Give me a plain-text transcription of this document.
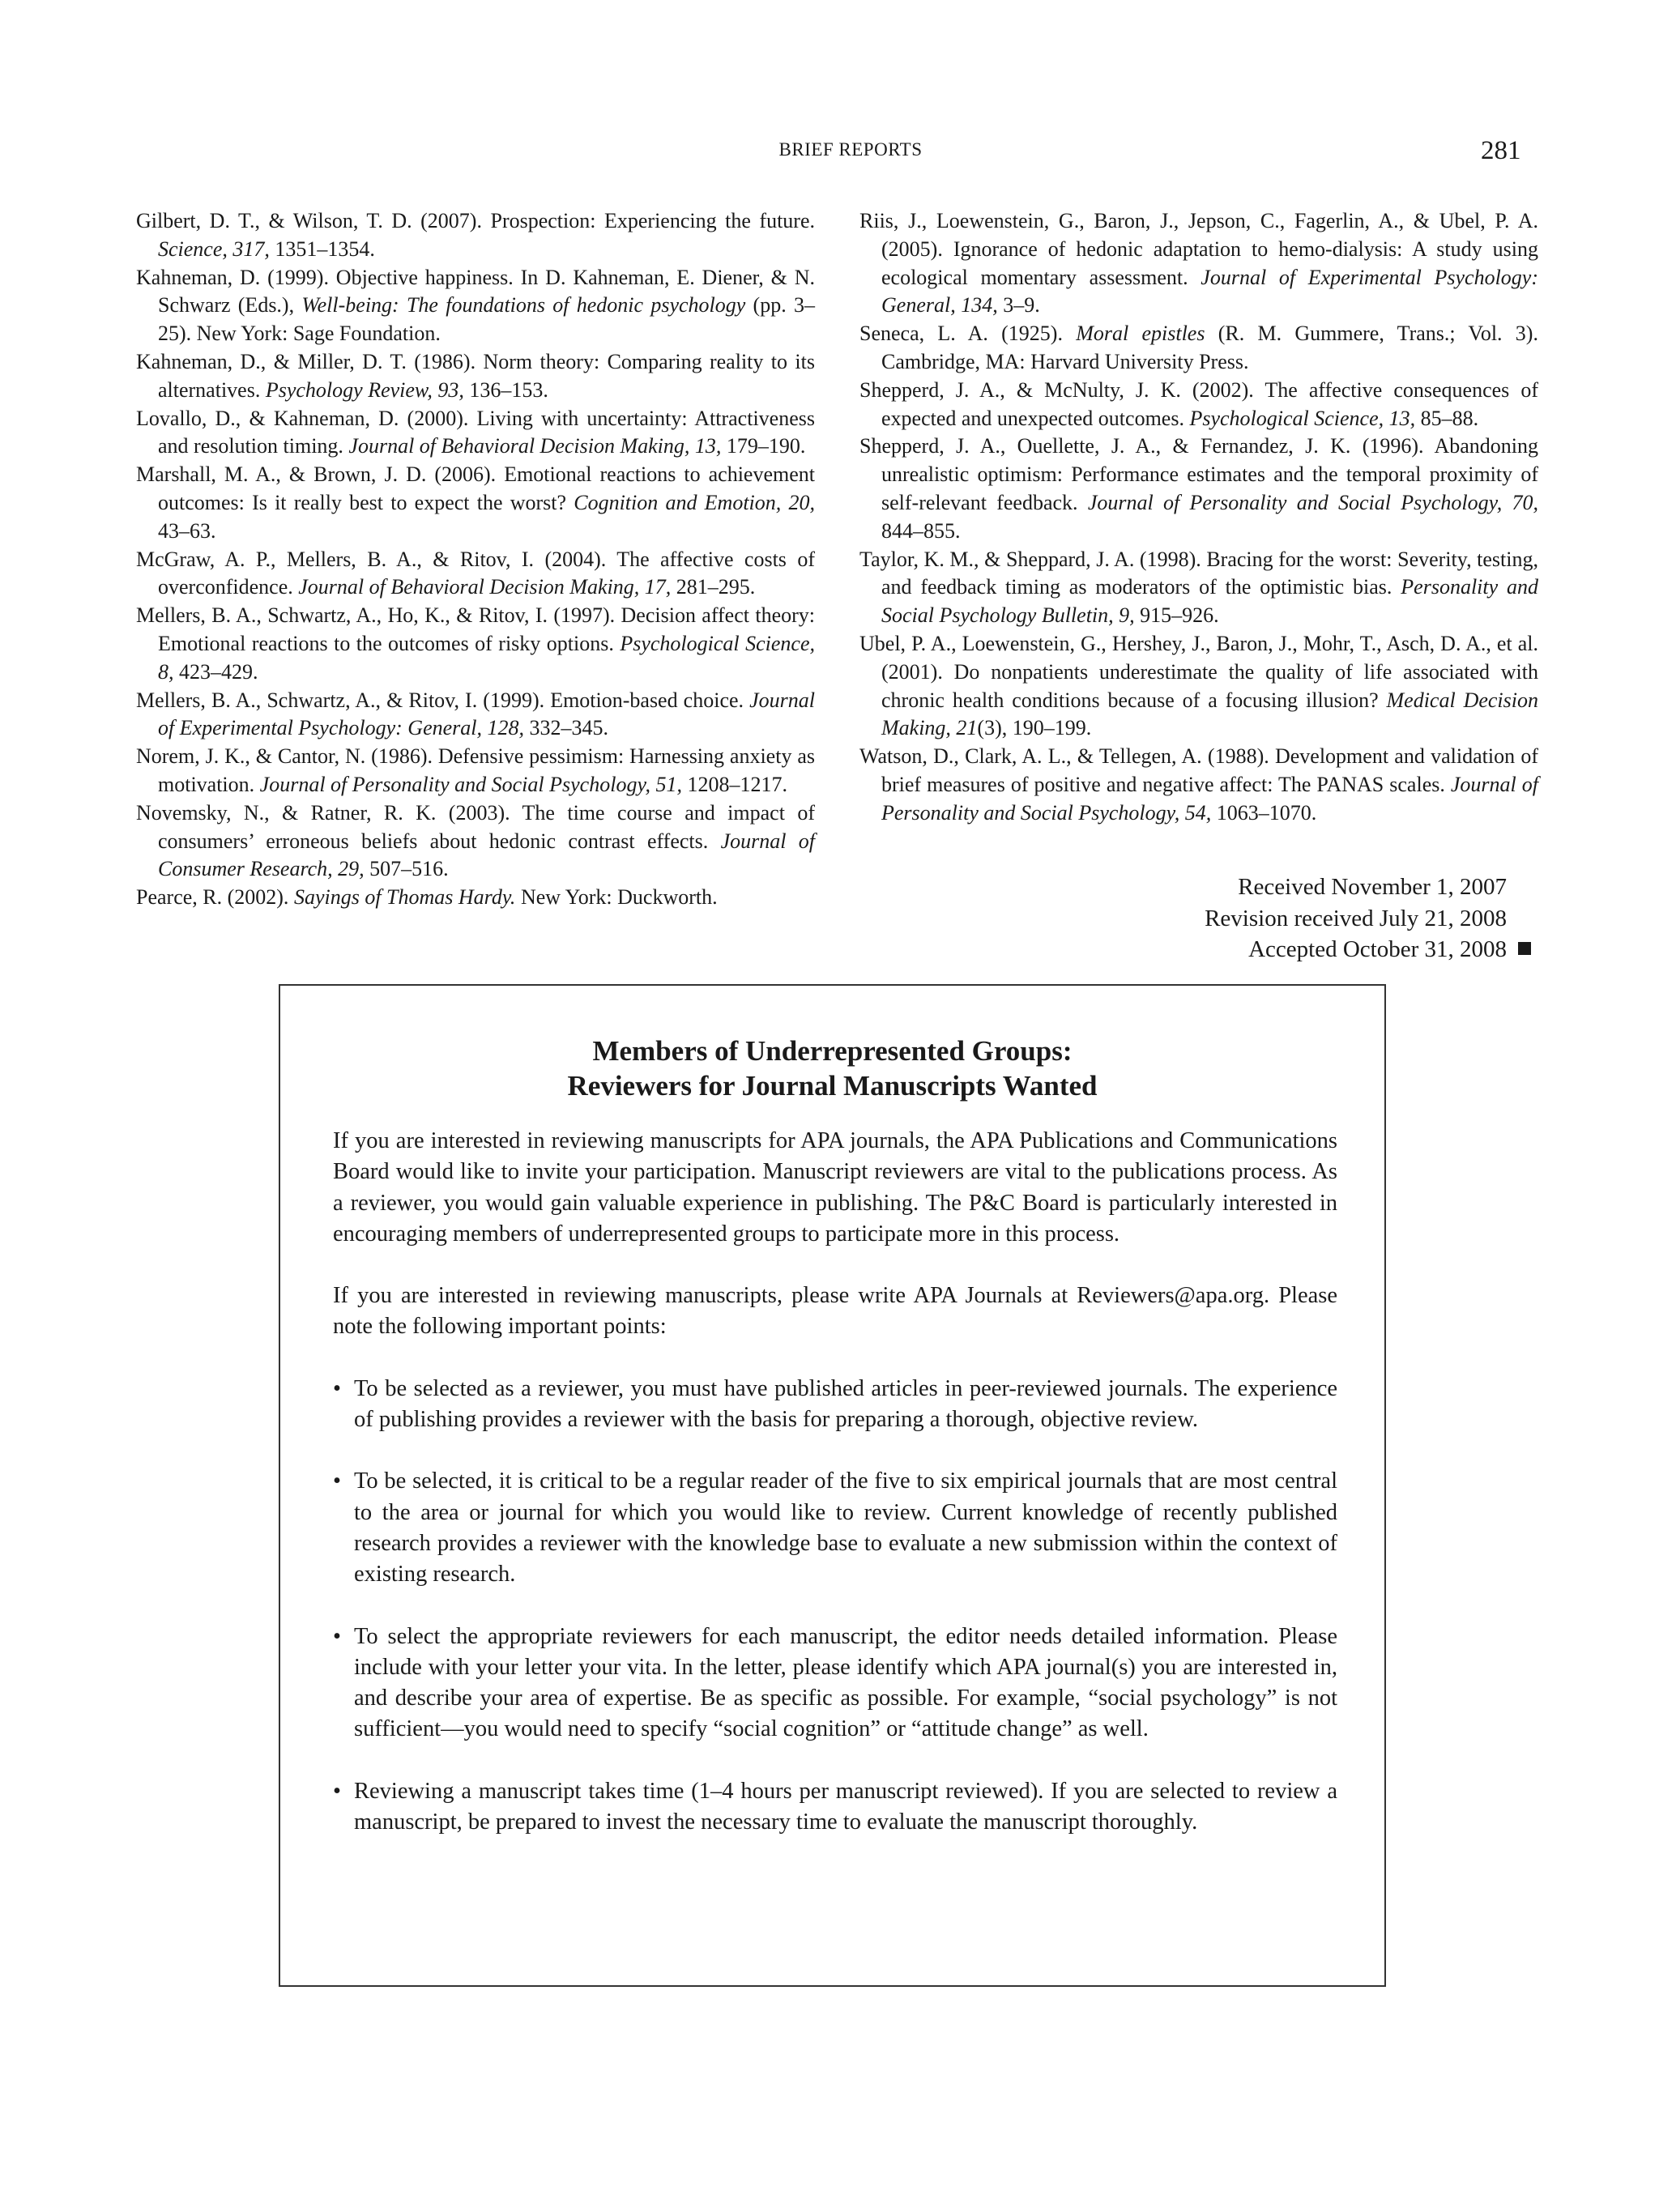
BRIEF REPORTS	281
Gilbert, D. T., & Wilson, T. D. (2007). Prospection: Experiencing the future. Science, 317, 1351–1354.
Kahneman, D. (1999). Objective happiness. In D. Kahneman, E. Diener, & N. Schwarz (Eds.), Well-being: The foundations of hedonic psychology (pp. 3–25). New York: Sage Foundation.
Kahneman, D., & Miller, D. T. (1986). Norm theory: Comparing reality to its alternatives. Psychology Review, 93, 136–153.
Lovallo, D., & Kahneman, D. (2000). Living with uncertainty: Attractiveness and resolution timing. Journal of Behavioral Decision Making, 13, 179–190.
Marshall, M. A., & Brown, J. D. (2006). Emotional reactions to achievement outcomes: Is it really best to expect the worst? Cognition and Emotion, 20, 43–63.
McGraw, A. P., Mellers, B. A., & Ritov, I. (2004). The affective costs of overconfidence. Journal of Behavioral Decision Making, 17, 281–295.
Mellers, B. A., Schwartz, A., Ho, K., & Ritov, I. (1997). Decision affect theory: Emotional reactions to the outcomes of risky options. Psychological Science, 8, 423–429.
Mellers, B. A., Schwartz, A., & Ritov, I. (1999). Emotion-based choice. Journal of Experimental Psychology: General, 128, 332–345.
Norem, J. K., & Cantor, N. (1986). Defensive pessimism: Harnessing anxiety as motivation. Journal of Personality and Social Psychology, 51, 1208–1217.
Novemsky, N., & Ratner, R. K. (2003). The time course and impact of consumers’ erroneous beliefs about hedonic contrast effects. Journal of Consumer Research, 29, 507–516.
Pearce, R. (2002). Sayings of Thomas Hardy. New York: Duckworth.
Riis, J., Loewenstein, G., Baron, J., Jepson, C., Fagerlin, A., & Ubel, P. A. (2005). Ignorance of hedonic adaptation to hemo-dialysis: A study using ecological momentary assessment. Journal of Experimental Psychology: General, 134, 3–9.
Seneca, L. A. (1925). Moral epistles (R. M. Gummere, Trans.; Vol. 3). Cambridge, MA: Harvard University Press.
Shepperd, J. A., & McNulty, J. K. (2002). The affective consequences of expected and unexpected outcomes. Psychological Science, 13, 85–88.
Shepperd, J. A., Ouellette, J. A., & Fernandez, J. K. (1996). Abandoning unrealistic optimism: Performance estimates and the temporal proximity of self-relevant feedback. Journal of Personality and Social Psychology, 70, 844–855.
Taylor, K. M., & Sheppard, J. A. (1998). Bracing for the worst: Severity, testing, and feedback timing as moderators of the optimistic bias. Personality and Social Psychology Bulletin, 9, 915–926.
Ubel, P. A., Loewenstein, G., Hershey, J., Baron, J., Mohr, T., Asch, D. A., et al. (2001). Do nonpatients underestimate the quality of life associated with chronic health conditions because of a focusing illusion? Medical Decision Making, 21(3), 190–199.
Watson, D., Clark, A. L., & Tellegen, A. (1988). Development and validation of brief measures of positive and negative affect: The PANAS scales. Journal of Personality and Social Psychology, 54, 1063–1070.
Received November 1, 2007
Revision received July 21, 2008
Accepted October 31, 2008
Members of Underrepresented Groups:
Reviewers for Journal Manuscripts Wanted

If you are interested in reviewing manuscripts for APA journals, the APA Publications and Communications Board would like to invite your participation. Manuscript reviewers are vital to the publications process. As a reviewer, you would gain valuable experience in publishing. The P&C Board is particularly interested in encouraging members of underrepresented groups to participate more in this process.

If you are interested in reviewing manuscripts, please write APA Journals at Reviewers@apa.org. Please note the following important points:

• To be selected as a reviewer, you must have published articles in peer-reviewed journals. The experience of publishing provides a reviewer with the basis for preparing a thorough, objective review.
• To be selected, it is critical to be a regular reader of the five to six empirical journals that are most central to the area or journal for which you would like to review. Current knowledge of recently published research provides a reviewer with the knowledge base to evaluate a new submission within the context of existing research.
• To select the appropriate reviewers for each manuscript, the editor needs detailed information. Please include with your letter your vita. In the letter, please identify which APA journal(s) you are interested in, and describe your area of expertise. Be as specific as possible. For example, “social psychology” is not sufficient—you would need to specify “social cognition” or “attitude change” as well.
• Reviewing a manuscript takes time (1–4 hours per manuscript reviewed). If you are selected to review a manuscript, be prepared to invest the necessary time to evaluate the manuscript thoroughly.
